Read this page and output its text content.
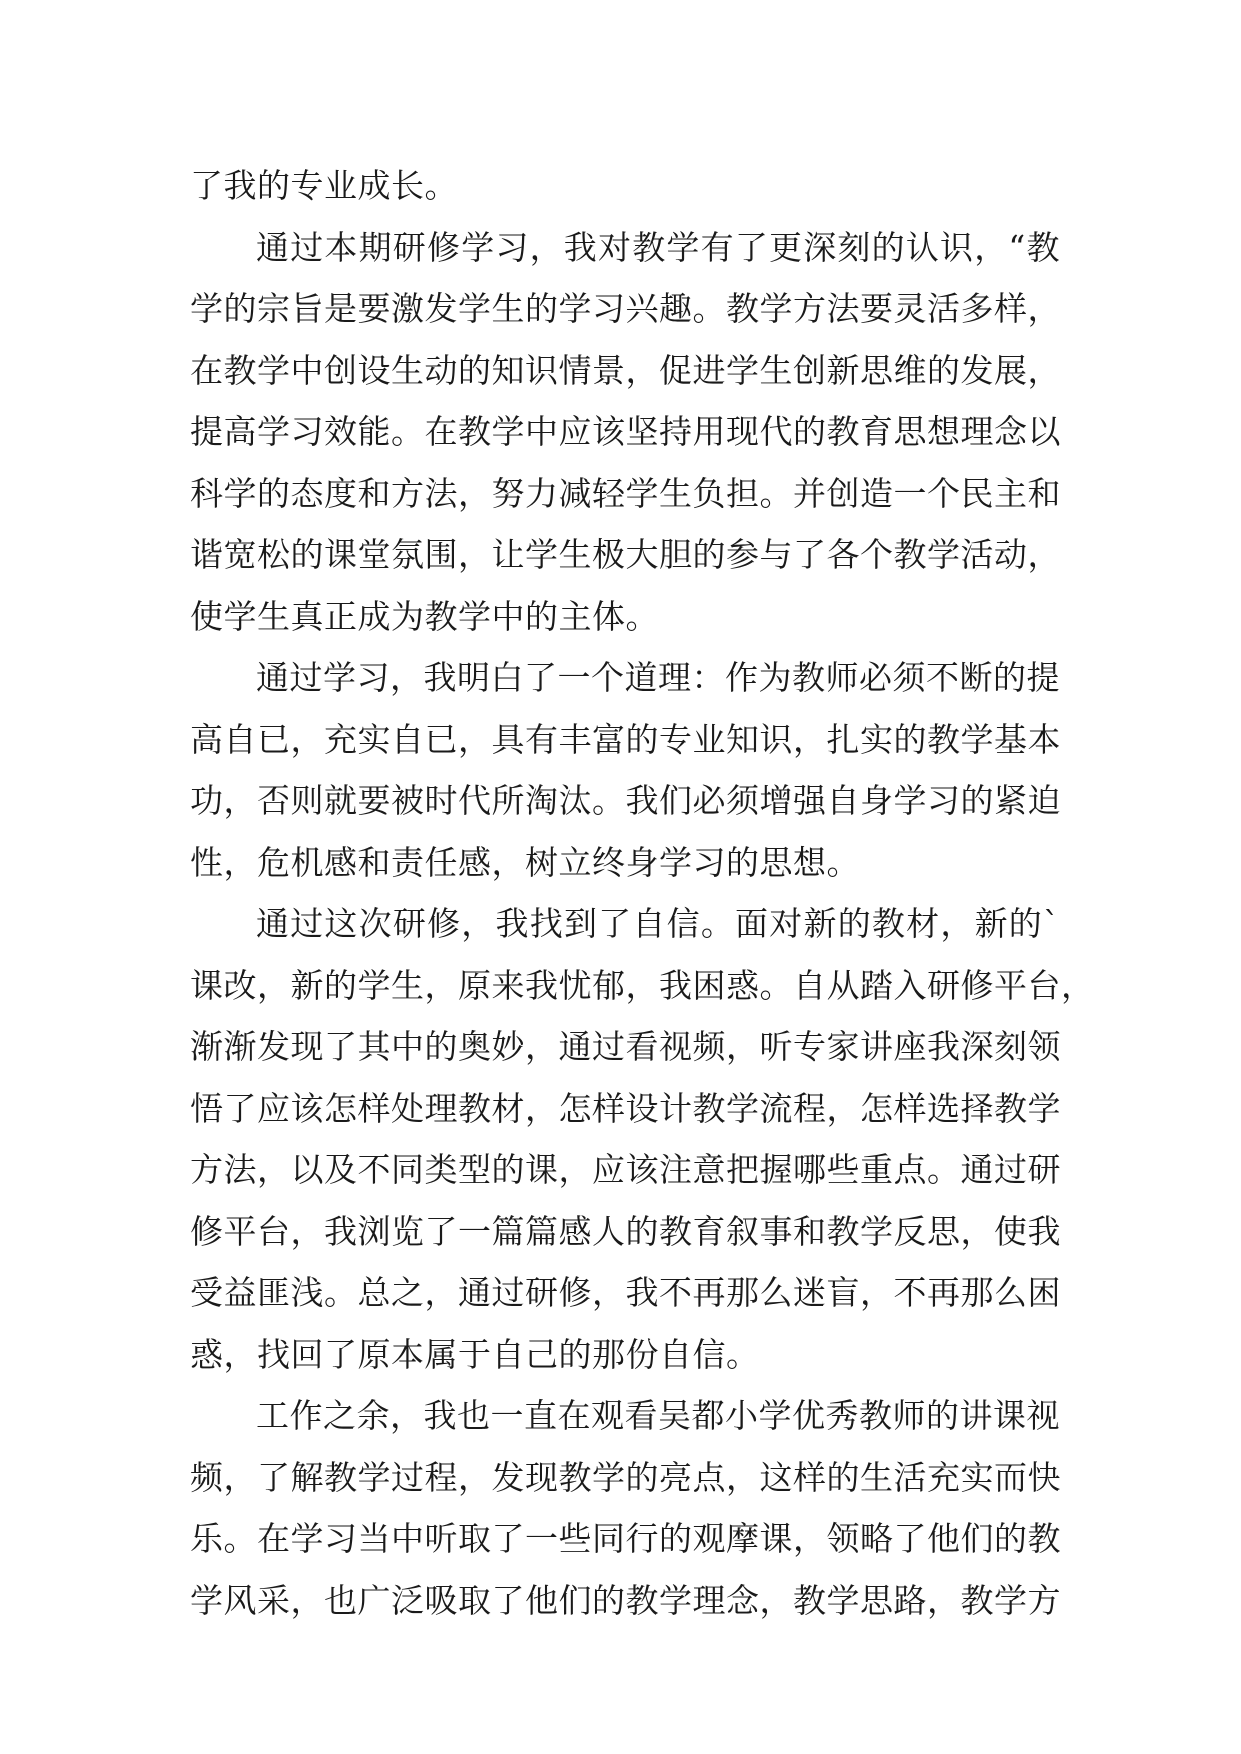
了我的专业成长。
通过本期研修学习，我对教学有了更深刻的认识，“教
学的宗旨是要激发学生的学习兴趣。教学方法要灵活多样，
在教学中创设生动的知识情景，促进学生创新思维的发展，
提高学习效能。在教学中应该坚持用现代的教育思想理念以
科学的态度和方法，努力减轻学生负担。并创造一个民主和
谐宽松的课堂氛围，让学生极大胆的参与了各个教学活动，
使学生真正成为教学中的主体。
通过学习，我明白了一个道理：作为教师必须不断的提
高自已，充实自已，具有丰富的专业知识，扎实的教学基本
功，否则就要被时代所淘汰。我们必须增强自身学习的紧迫
性，危机感和责任感，树立终身学习的思想。
通过这次研修，我找到了自信。面对新的教材，新的`
课改，新的学生，原来我忧郁，我困惑。自从踏入研修平台，
渐渐发现了其中的奥妙，通过看视频，听专家讲座我深刻领
悟了应该怎样处理教材，怎样设计教学流程，怎样选择教学
方法，以及不同类型的课，应该注意把握哪些重点。通过研
修平台，我浏览了一篇篇感人的教育叙事和教学反思，使我
受益匪浅。总之，通过研修，我不再那么迷盲，不再那么困
惑，找回了原本属于自己的那份自信。
工作之余，我也一直在观看吴都小学优秀教师的讲课视
频，了解教学过程，发现教学的亮点，这样的生活充实而快
乐。在学习当中听取了一些同行的观摩课，领略了他们的教
学风采，也广泛吸取了他们的教学理念，教学思路，教学方
